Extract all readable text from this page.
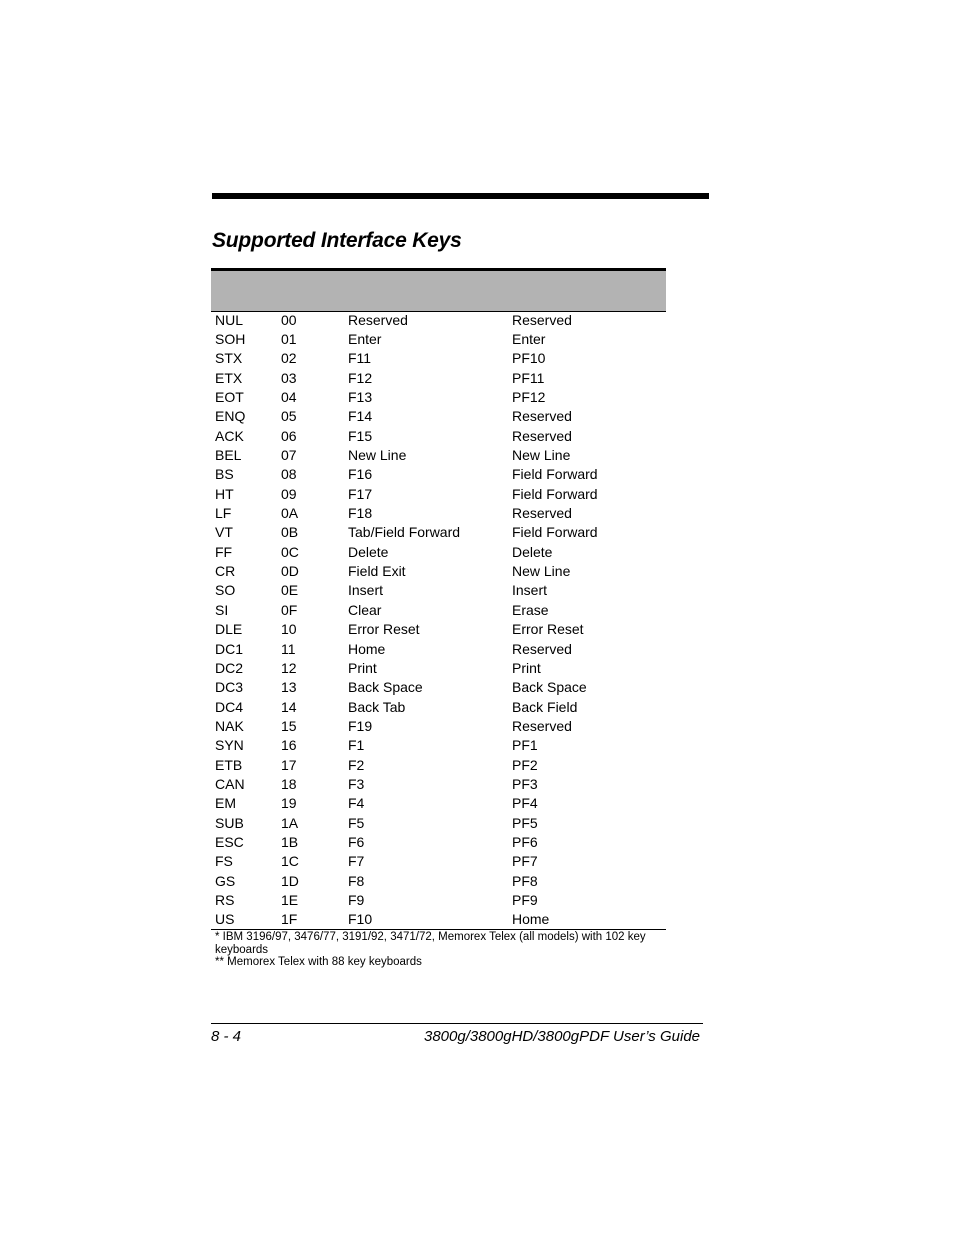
Supported Interface Keys
NUL	00	Reserved	Reserved
SOH	01	Enter	Enter
STX	02	F11	PF10
ETX	03	F12	PF11
EOT	04	F13	PF12
ENQ	05	F14	Reserved
ACK	06	F15	Reserved
BEL	07	New Line	New Line
BS	08	F16	Field Forward
HT	09	F17	Field Forward
LF	0A	F18	Reserved
VT	0B	Tab/Field Forward	Field Forward
FF	0C	Delete	Delete
CR	0D	Field Exit	New Line
SO	0E	Insert	Insert
SI	0F	Clear	Erase
DLE	10	Error Reset	Error Reset
DC1	11	Home	Reserved
DC2	12	Print	Print
DC3	13	Back Space	Back Space
DC4	14	Back Tab	Back Field
NAK	15	F19	Reserved
SYN	16	F1	PF1
ETB	17	F2	PF2
CAN	18	F3	PF3
EM	19	F4	PF4
SUB	1A	F5	PF5
ESC	1B	F6	PF6
FS	1C	F7	PF7
GS	1D	F8	PF8
RS	1E	F9	PF9
US	1F	F10	Home
* IBM 3196/97, 3476/77, 3191/92, 3471/72, Memorex Telex (all models) with 102 key keyboards
** Memorex Telex with 88 key keyboards
8 - 4	3800g/3800gHD/3800gPDF User’s Guide
